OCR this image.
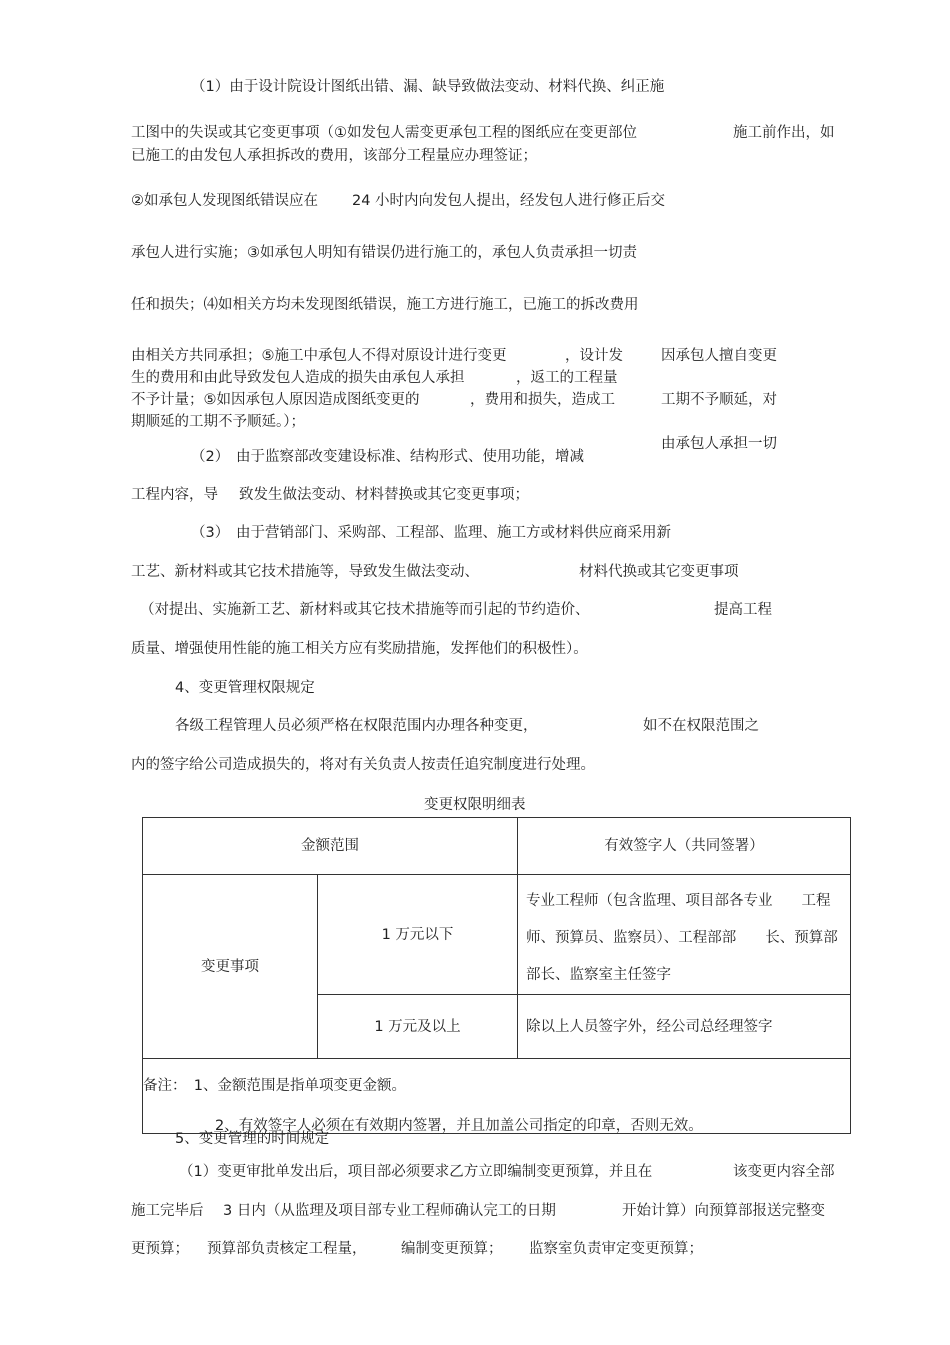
（1）由于设计院设计图纸出错、漏、缺导致做法变动、材料代换、纠正施
工图中的失误或其它变更事项（①如发包人需变更承包工程的图纸应在变更部位	施工前作出，如
已施工的由发包人承担拆改的费用，该部分工程量应办理签证；
②如承包人发现图纸错误应在 24 小时内向发包人提出，经发包人进行修正后交
承包人进行实施；③如承包人明知有错误仍进行施工的，承包人负责承担一切责
任和损失；⑷如相关方均未发现图纸错误，施工方进行施工，已施工的拆改费用
由相关方共同承担；⑤施工中承包人不得对原设计进行变更	，设计发	因承包人擅自变更
生的费用和由此导致发包人造成的损失由承包人承担	，返工的工程量
不予计量；⑤如因承包人原因造成图纸变更的	，费用和损失，造成工	工期不予顺延，对
期顺延的工期不予顺延。）；
由承包人承担一切
（2） 由于监察部改变建设标准、结构形式、使用功能，增减
工程内容，导 致发生做法变动、材料替换或其它变更事项；
（3） 由于营销部门、采购部、工程部、监理、施工方或材料供应商采用新
工艺、新材料或其它技术措施等，导致发生做法变动、	材料代换或其它变更事项
（对提出、实施新工艺、新材料或其它技术措施等而引起的节约造价、	提高工程
质量、增强使用性能的施工相关方应有奖励措施，发挥他们的积极性）。
4、变更管理权限规定
各级工程管理人员必须严格在权限范围内办理各种变更，	如不在权限范围之
内的签字给公司造成损失的，将对有关负责人按责任追究制度进行处理。
变更权限明细表
金额范围		有效签字人（共同签署）
变更事项	1 万元以下	专业工程师（包含监理、项目部各专业　　工程师、预算员、监察员）、工程部部　　长、预算部部长、监察室主任签字
	1 万元及以上	除以上人员签字外，经公司总经理签字

备注：　1、金额范围是指单项变更金额。
2、有效签字人必须在有效期内签署，并且加盖公司指定的印章，否则无效。		
5、变更管理的时间规定
（1）变更审批单发出后，项目部必须要求乙方立即编制变更预算，并且在	该变更内容全部
施工完毕后 3 日内（从监理及项目部专业工程师确认完工的日期	开始计算）向预算部报送完整变
更预算； 预算部负责核定工程量， 编制变更预算； 监察室负责审定变更预算；
